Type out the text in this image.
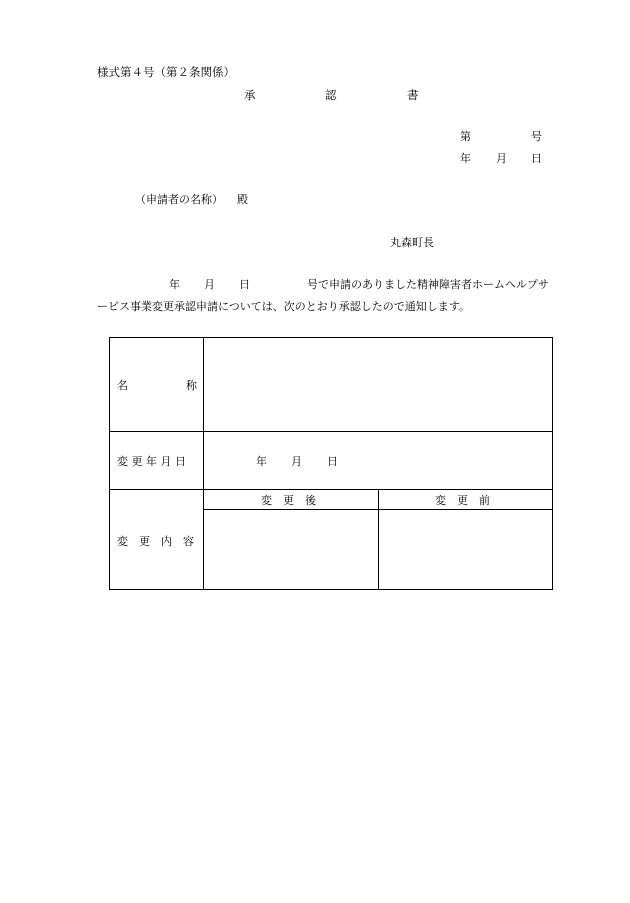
様式第４号（第２条関係）
承	認	書
第	号
年 月 日
（申請者の名称） 殿
丸森町長
年 月 日	号で申請のありました精神障害者ホームヘルプサ
ービス事業変更承認申請については、次のとおり承認したので通知します。
名	称
変 更 年 月 日	年 月 日
変　更　内　容
変　更　後	変　更　前
